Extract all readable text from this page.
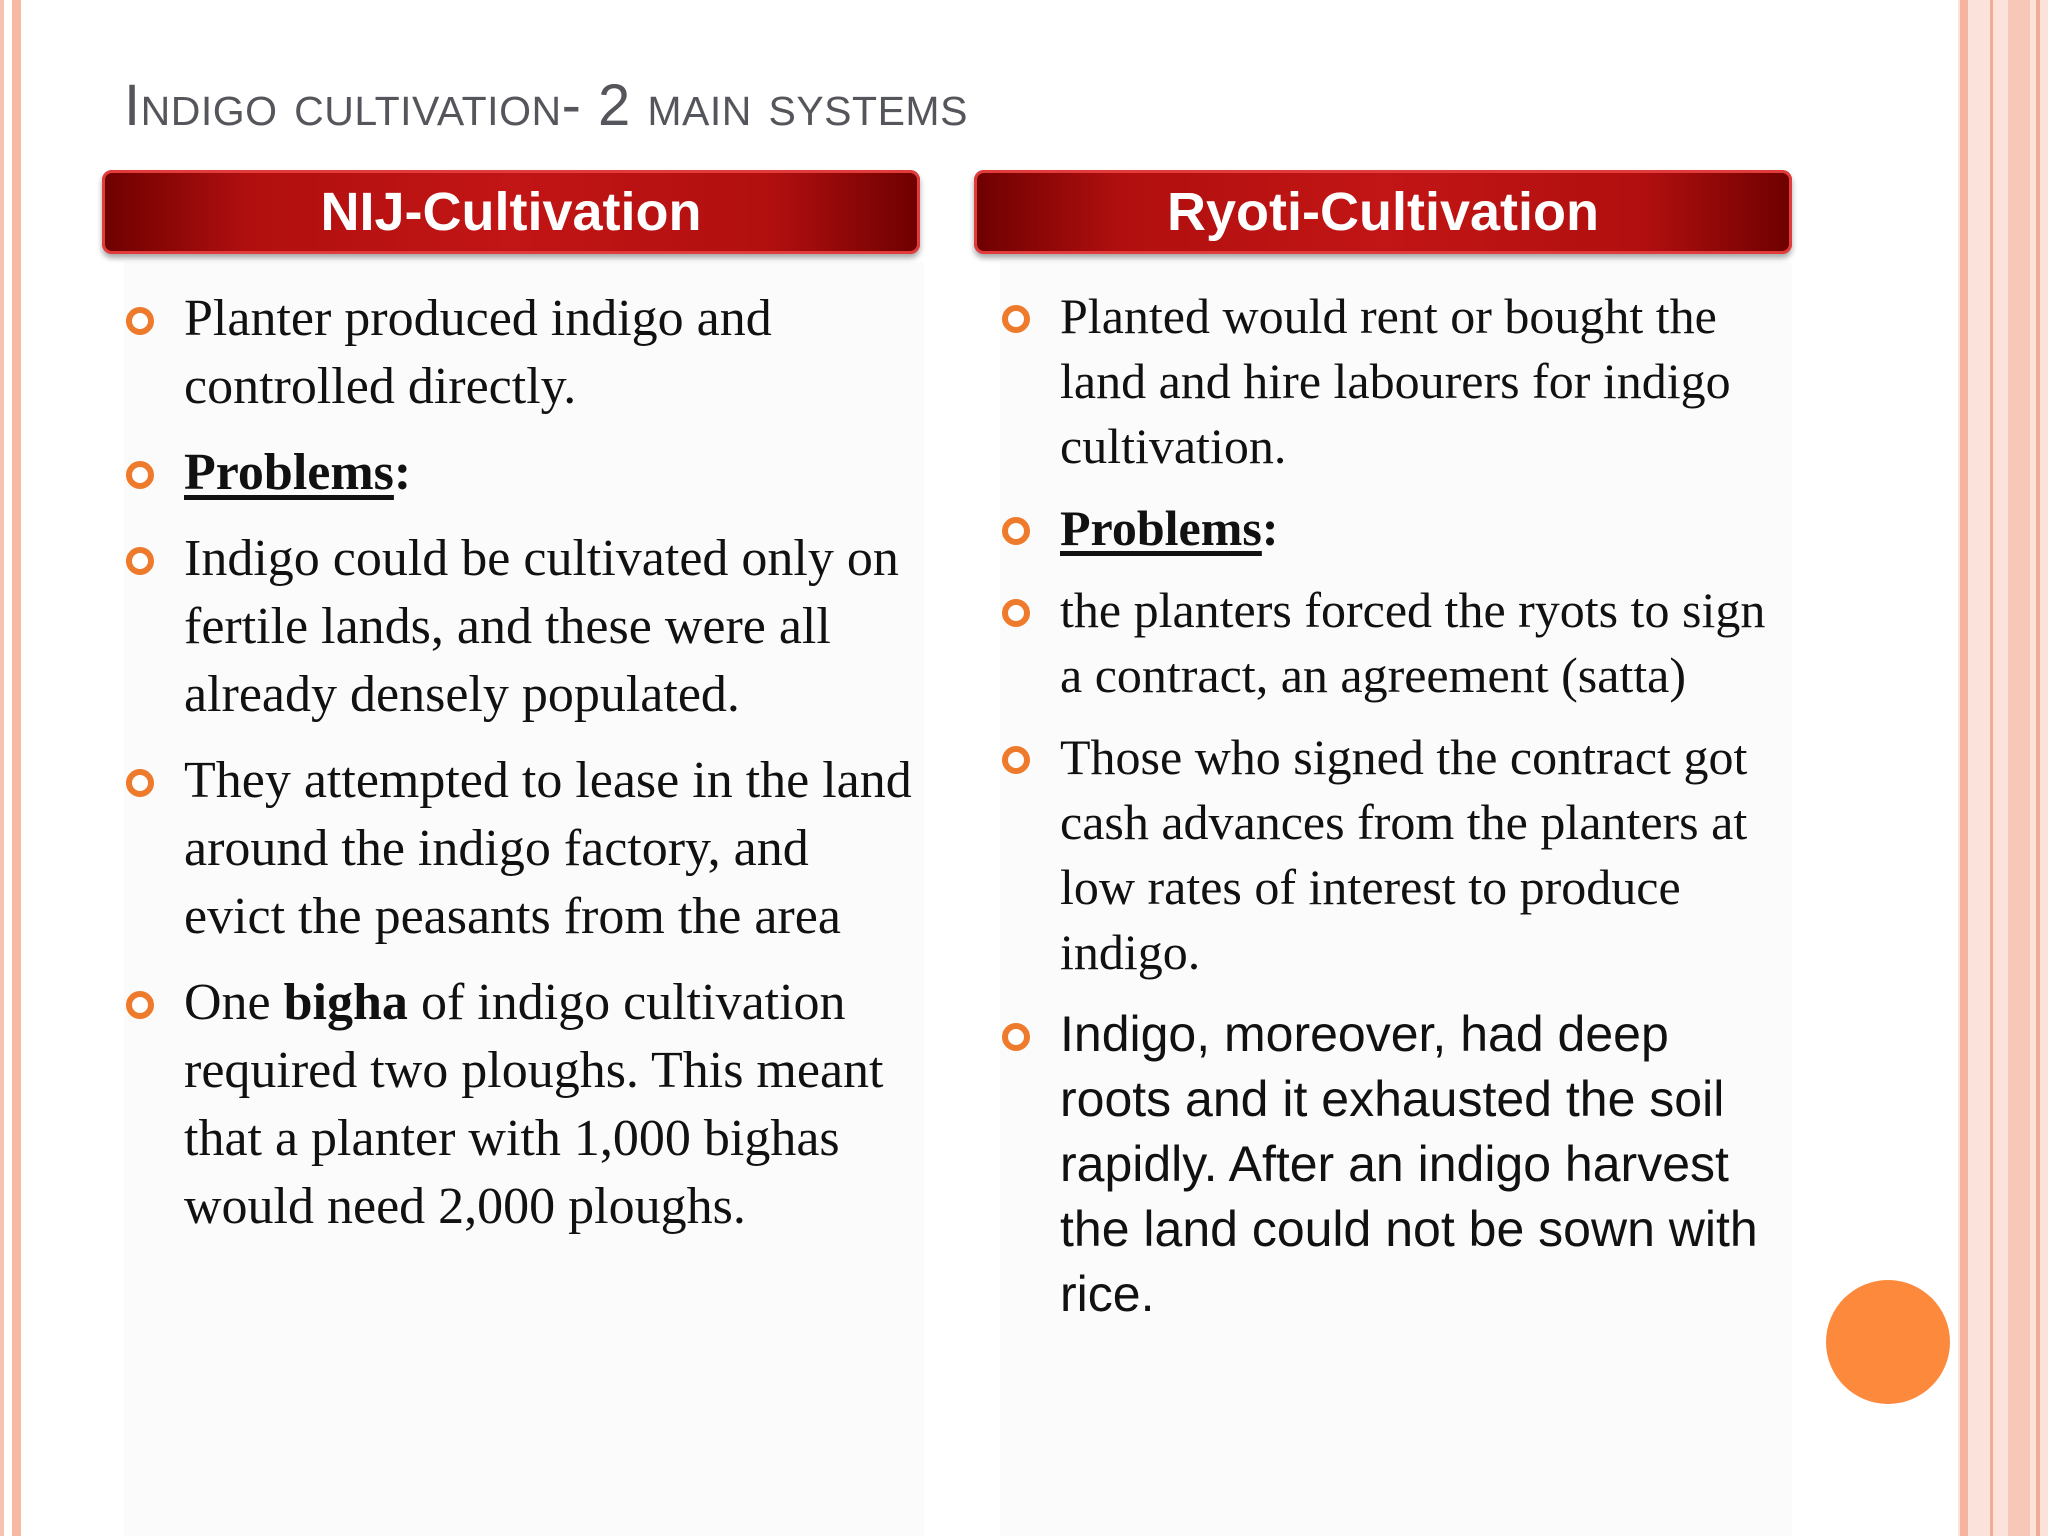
Indigo cultivation- 2 main systems
NIJ-Cultivation	Ryoti-Cultivation
Planter produced indigo and controlled directly.
Problems:
Indigo could be cultivated only on fertile lands, and these were all already densely populated.
They attempted to lease in the land around the indigo factory, and evict the peasants from the area
One bigha of indigo cultivation required two ploughs. This meant that a planter with 1,000 bighas would need 2,000 ploughs.
Planted would rent or bought the land and hire labourers for indigo cultivation.
Problems:
the planters forced the ryots to sign a contract, an agreement (satta)
Those who signed the contract got cash advances from the planters at low rates of interest to produce indigo.
Indigo, moreover, had deep roots and it exhausted the soil rapidly. After an indigo harvest the land could not be sown with rice.
